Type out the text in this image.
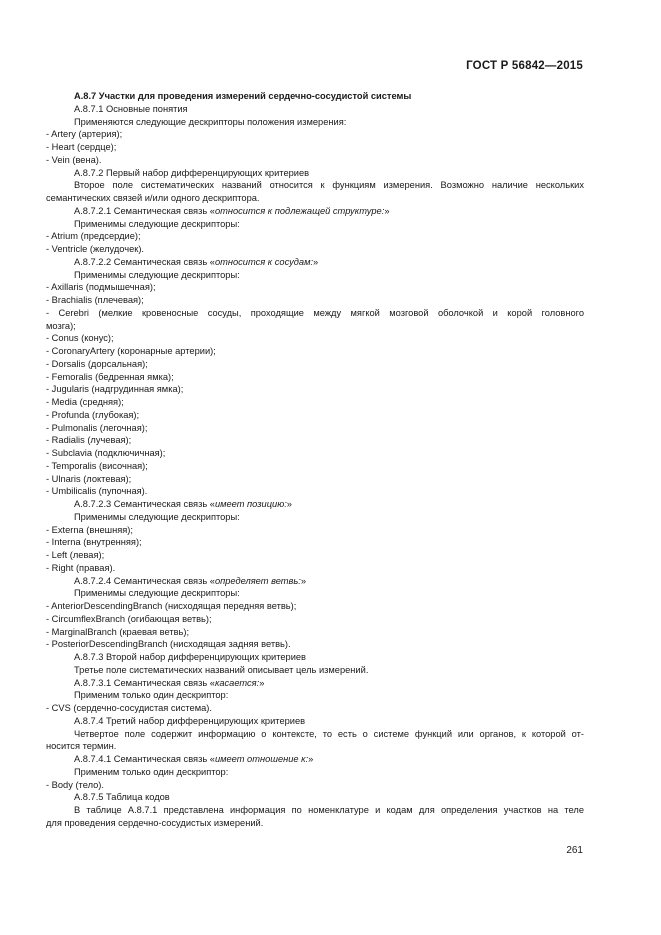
ГОСТ Р 56842—2015
А.8.7 Участки для проведения измерений сердечно-сосудистой системы
А.8.7.1 Основные понятия
Применяются следующие дескрипторы положения измерения:
- Artery (артерия);
- Heart (сердце);
- Vein (вена).
А.8.7.2 Первый набор дифференцирующих критериев
Второе поле систематических названий относится к функциям измерения. Возможно наличие нескольких
семантических связей и/или одного дескриптора.
А.8.7.2.1 Семантическая связь «относится к подлежащей структуре:»
Применимы следующие дескрипторы:
- Atrium (предсердие);
- Ventricle (желудочек).
А.8.7.2.2 Семантическая связь «относится к сосудам:»
Применимы следующие дескрипторы:
- Axillaris (подмышечная);
- Brachialis (плечевая);
- Cerebri (мелкие кровеносные сосуды, проходящие между мягкой мозговой оболочкой и корой головного
мозга);
- Conus (конус);
- CoronaryArtery (коронарные артерии);
- Dorsalis (дорсальная);
- Femoralis (бедренная ямка);
- Jugularis (надгрудинная ямка);
- Media (средняя);
- Profunda (глубокая);
- Pulmonalis (легочная);
- Radialis (лучевая);
- Subclavia (подключичная);
- Temporalis (височная);
- Ulnaris (локтевая);
- Umbilicalis (пупочная).
А.8.7.2.3 Семантическая связь «имеет позицию:»
Применимы следующие дескрипторы:
- Externa (внешняя);
- Interna (внутренняя);
- Left (левая);
- Right (правая).
А.8.7.2.4 Семантическая связь «определяет ветвь:»
Применимы следующие дескрипторы:
- AnteriorDescendingBranch (нисходящая передняя ветвь);
- CircumflexBranch (огибающая ветвь);
- MarginalBranch (краевая ветвь);
- PosteriorDescendingBranch (нисходящая задняя ветвь).
А.8.7.3 Второй набор дифференцирующих критериев
Третье поле систематических названий описывает цель измерений.
А.8.7.3.1 Семантическая связь «касается:»
Применим только один дескриптор:
- CVS (сердечно-сосудистая система).
А.8.7.4 Третий набор дифференцирующих критериев
Четвертое поле содержит информацию о контексте, то есть о системе функций или органов, к которой от-
носится термин.
А.8.7.4.1 Семантическая связь «имеет отношение к:»
Применим только один дескриптор:
- Body (тело).
А.8.7.5 Таблица кодов
В таблице А.8.7.1 представлена информация по номенклатуре и кодам для определения участков на теле
для проведения сердечно-сосудистых измерений.
261
